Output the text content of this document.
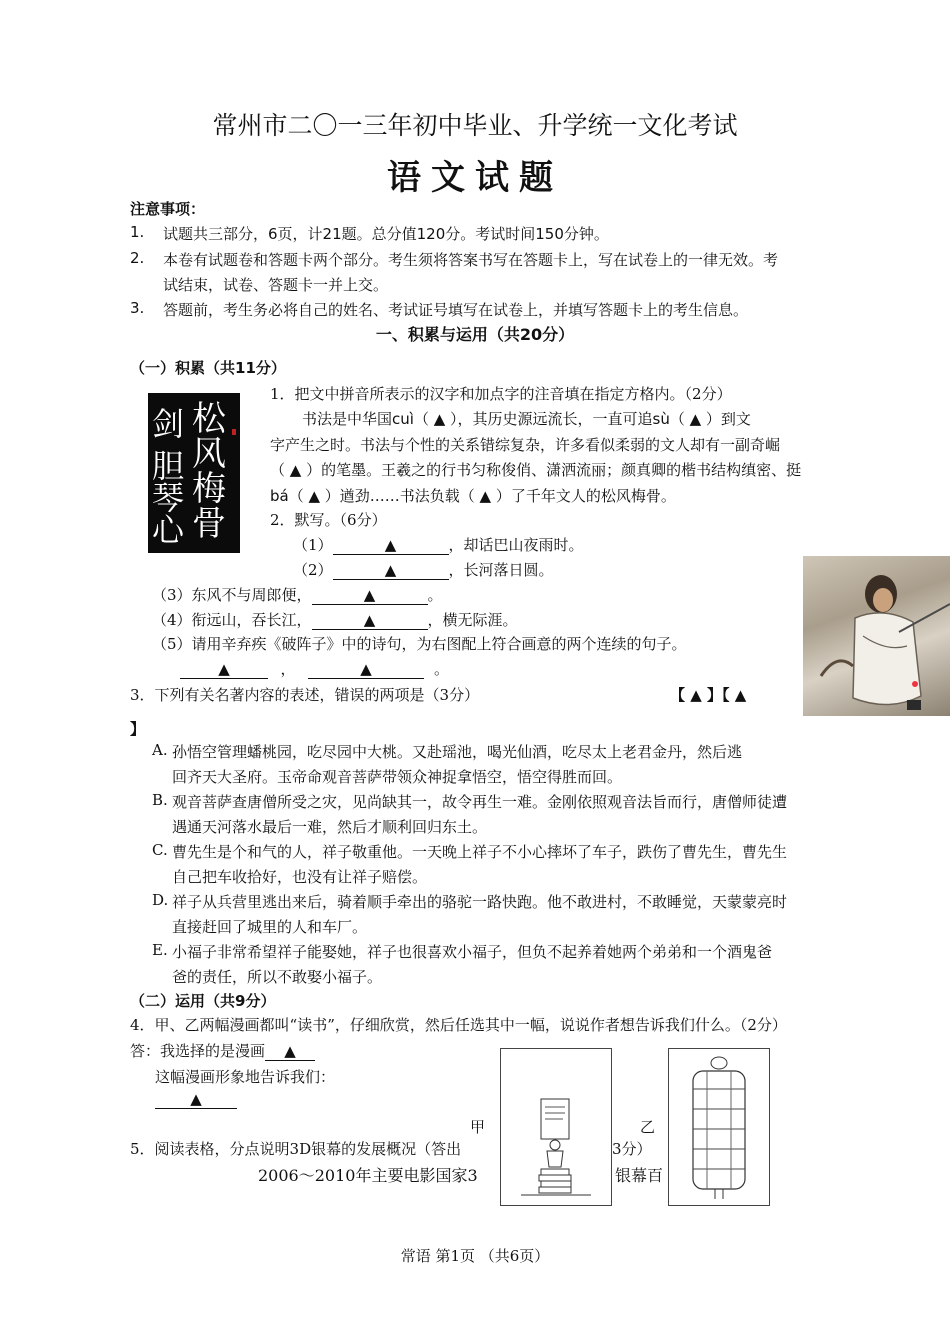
常州市二〇一三年初中毕业、升学统一文化考试
语文试题
注意事项：
1. 试题共三部分，6页，计21题。总分值120分。考试时间150分钟。
2. 本卷有试题卷和答题卡两个部分。考生须将答案书写在答题卡上，写在试卷上的一律无效。考
试结束，试卷、答题卡一并上交。
3. 答题前，考生务必将自己的姓名、考试证号填写在试卷上，并填写答题卡上的考生信息。
一、积累与运用（共20分）
（一）积累（共11分）
松
风
梅
骨
剑
胆
琴
心
1．把文中拼音所表示的汉字和加点字的注音填在指定方格内。（2分）
书法是中华国cuì（ ▲ ），其历史源远流长，一直可追sù（ ▲ ）到文
字产生之时。书法与个性的关系错综复杂，许多看似柔弱的文人却有一副奇崛
（ ▲ ）的笔墨。王羲之的行书匀称俊俏、潇洒流丽；颜真卿的楷书结构缜密、挺
bá（ ▲ ）遒劲……书法负载（ ▲ ）了千年文人的松风梅骨。
2．默写。（6分）
（1）	▲	，却话巴山夜雨时。
（2）	▲	，长河落日圆。
（3）东风不与周郎便，	▲	。
（4）衔远山，吞长江，	▲	，横无际涯。
（5）请用辛弃疾《破阵子》中的诗句，为右图配上符合画意的两个连续的句子。
▲	，	▲	。
3．下列有关名著内容的表述，错误的两项是（3分）	【 ▲ 】【 ▲
】
A. 孙悟空管理蟠桃园，吃尽园中大桃。又赴瑶池，喝光仙酒，吃尽太上老君金丹，然后逃
回齐天大圣府。玉帝命观音菩萨带领众神捉拿悟空，悟空得胜而回。
B. 观音菩萨查唐僧所受之灾，见尚缺其一，故令再生一难。金刚依照观音法旨而行，唐僧师徒遭
遇通天河落水最后一难，然后才顺利回归东土。
C. 曹先生是个和气的人，祥子敬重他。一天晚上祥子不小心摔坏了车子，跌伤了曹先生，曹先生
自己把车收拾好，也没有让祥子赔偿。
D. 祥子从兵营里逃出来后，骑着顺手牵出的骆驼一路快跑。他不敢进村，不敢睡觉，天蒙蒙亮时
直接赶回了城里的人和车厂。
E. 小福子非常希望祥子能娶她，祥子也很喜欢小福子，但负不起养着她两个弟弟和一个酒鬼爸
爸的责任，所以不敢娶小福子。
（二）运用（共9分）
4．甲、乙两幅漫画都叫“读书”，仔细欣赏，然后任选其中一幅，说说作者想告诉我们什么。（2分）
答：我选择的是漫画 ▲
这幅漫画形象地告诉我们：
▲
甲	乙
5．阅读表格，分点说明3D银幕的发展概况（答出	3分）
2006～2010年主要电影国家3	银幕百
常语 第1页 （共6页）
